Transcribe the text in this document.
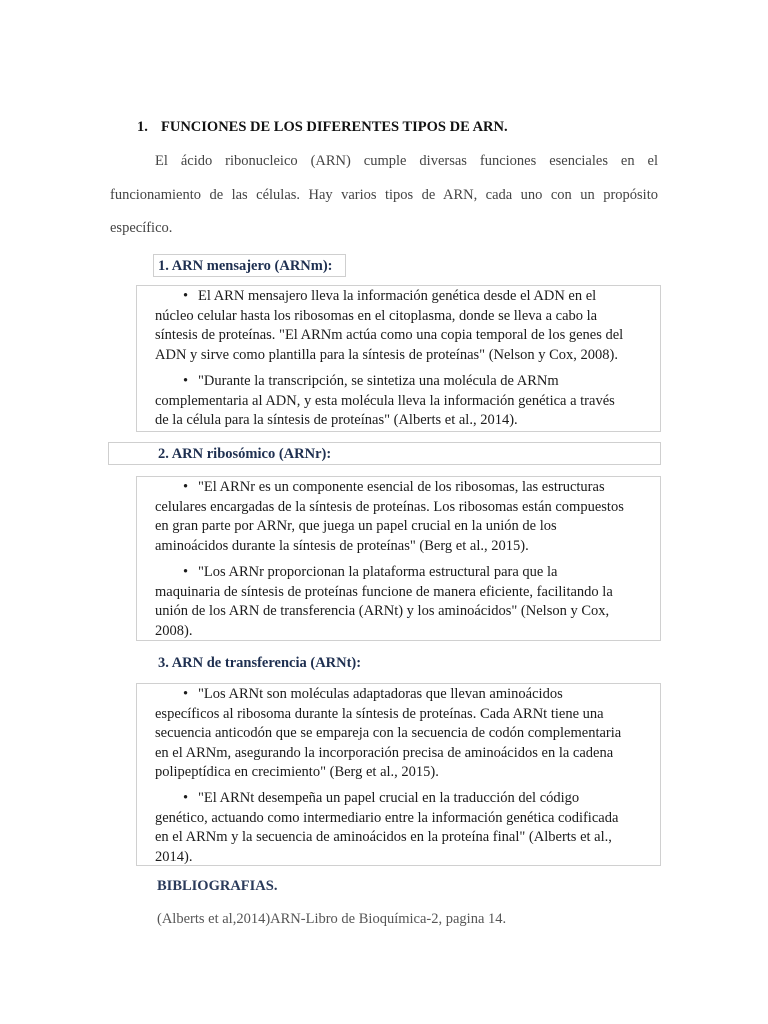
1. FUNCIONES DE LOS DIFERENTES TIPOS DE ARN.
El ácido ribonucleico (ARN) cumple diversas funciones esenciales en el
funcionamiento de las células. Hay varios tipos de ARN, cada uno con un propósito
específico.
1. ARN mensajero (ARNm):
• El ARN mensajero lleva la información genética desde el ADN en el
núcleo celular hasta los ribosomas en el citoplasma, donde se lleva a cabo la
síntesis de proteínas. "El ARNm actúa como una copia temporal de los genes del
ADN y sirve como plantilla para la síntesis de proteínas" (Nelson y Cox, 2008).
• "Durante la transcripción, se sintetiza una molécula de ARNm
complementaria al ADN, y esta molécula lleva la información genética a través
de la célula para la síntesis de proteínas" (Alberts et al., 2014).
2. ARN ribosómico (ARNr):
• "El ARNr es un componente esencial de los ribosomas, las estructuras
celulares encargadas de la síntesis de proteínas. Los ribosomas están compuestos
en gran parte por ARNr, que juega un papel crucial en la unión de los
aminoácidos durante la síntesis de proteínas" (Berg et al., 2015).
• "Los ARNr proporcionan la plataforma estructural para que la
maquinaria de síntesis de proteínas funcione de manera eficiente, facilitando la
unión de los ARN de transferencia (ARNt) y los aminoácidos" (Nelson y Cox,
2008).
3. ARN de transferencia (ARNt):
• "Los ARNt son moléculas adaptadoras que llevan aminoácidos
específicos al ribosoma durante la síntesis de proteínas. Cada ARNt tiene una
secuencia anticodón que se empareja con la secuencia de codón complementaria
en el ARNm, asegurando la incorporación precisa de aminoácidos en la cadena
polipeptídica en crecimiento" (Berg et al., 2015).
• "El ARNt desempeña un papel crucial en la traducción del código
genético, actuando como intermediario entre la información genética codificada
en el ARNm y la secuencia de aminoácidos en la proteína final" (Alberts et al.,
2014).
BIBLIOGRAFIAS.
(Alberts et al,2014)ARN-Libro de Bioquímica-2, pagina 14.
